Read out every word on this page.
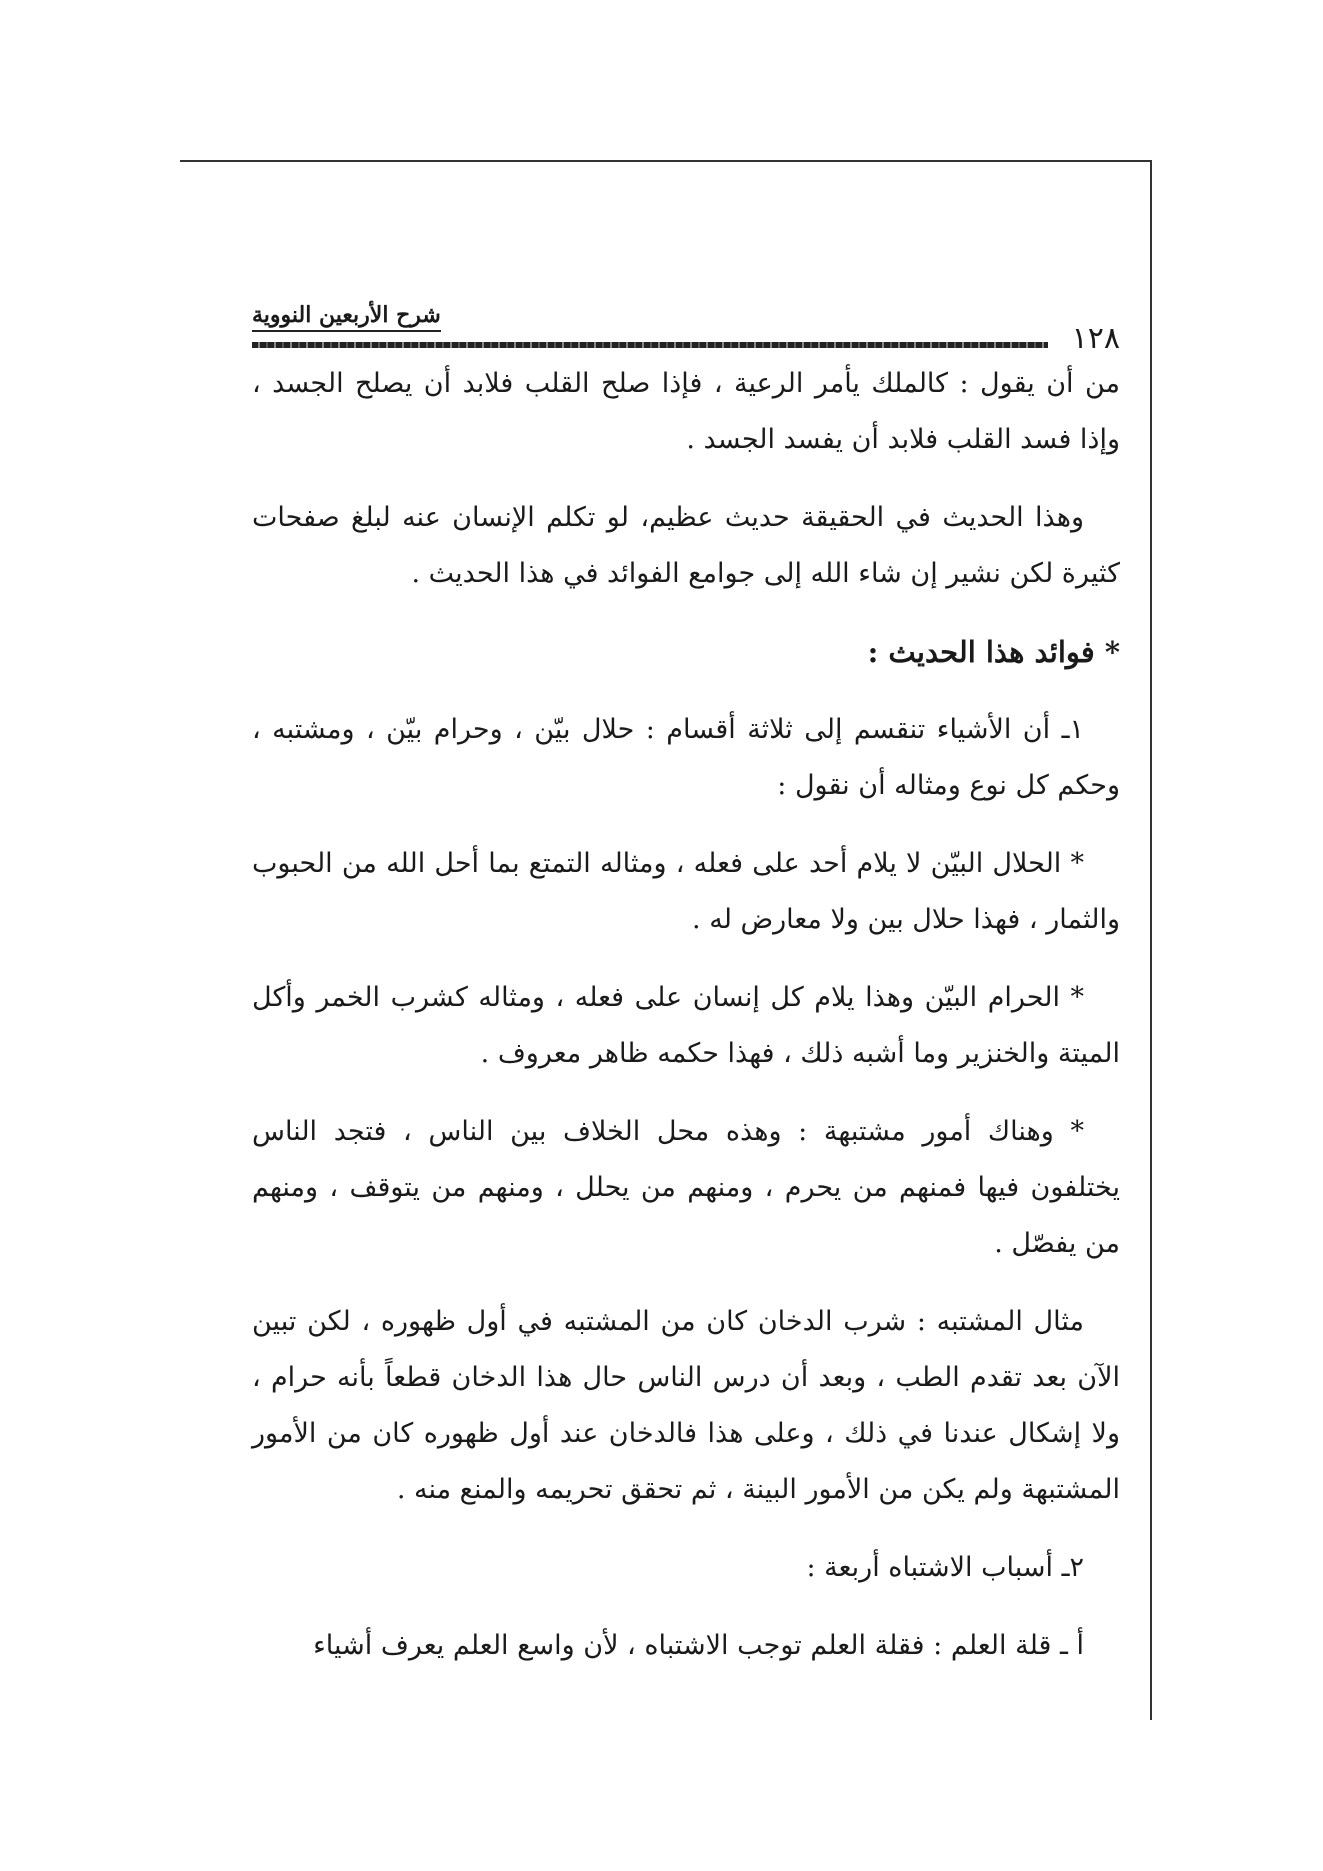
١٢٨
شرح الأربعين النووية

من أن يقول : كالملك يأمر الرعية ، فإذا صلح القلب فلابد أن يصلح الجسد ، وإذا فسد القلب فلابد أن يفسد الجسد .

وهذا الحديث في الحقيقة حديث عظيم، لو تكلم الإنسان عنه لبلغ صفحات كثيرة لكن نشير إن شاء الله إلى جوامع الفوائد في هذا الحديث .

* فوائد هذا الحديث :

١ـ أن الأشياء تنقسم إلى ثلاثة أقسام : حلال بيّن ، وحرام بيّن ، ومشتبه ، وحكم كل نوع ومثاله أن نقول :

* الحلال البيّن لا يلام أحد على فعله ، ومثاله التمتع بما أحل الله من الحبوب والثمار ، فهذا حلال بين ولا معارض له .

* الحرام البيّن وهذا يلام كل إنسان على فعله ، ومثاله كشرب الخمر وأكل الميتة والخنزير وما أشبه ذلك ، فهذا حكمه ظاهر معروف .

* وهناك أمور مشتبهة : وهذه محل الخلاف بين الناس ، فتجد الناس يختلفون فيها فمنهم من يحرم ، ومنهم من يحلل ، ومنهم من يتوقف ، ومنهم من يفصّل .

مثال المشتبه : شرب الدخان كان من المشتبه في أول ظهوره ، لكن تبين الآن بعد تقدم الطب ، وبعد أن درس الناس حال هذا الدخان قطعاً بأنه حرام ، ولا إشكال عندنا في ذلك ، وعلى هذا فالدخان عند أول ظهوره كان من الأمور المشتبهة ولم يكن من الأمور البينة ، ثم تحقق تحريمه والمنع منه .

٢ـ أسباب الاشتباه أربعة :

أ ـ قلة العلم : فقلة العلم توجب الاشتباه ، لأن واسع العلم يعرف أشياء
